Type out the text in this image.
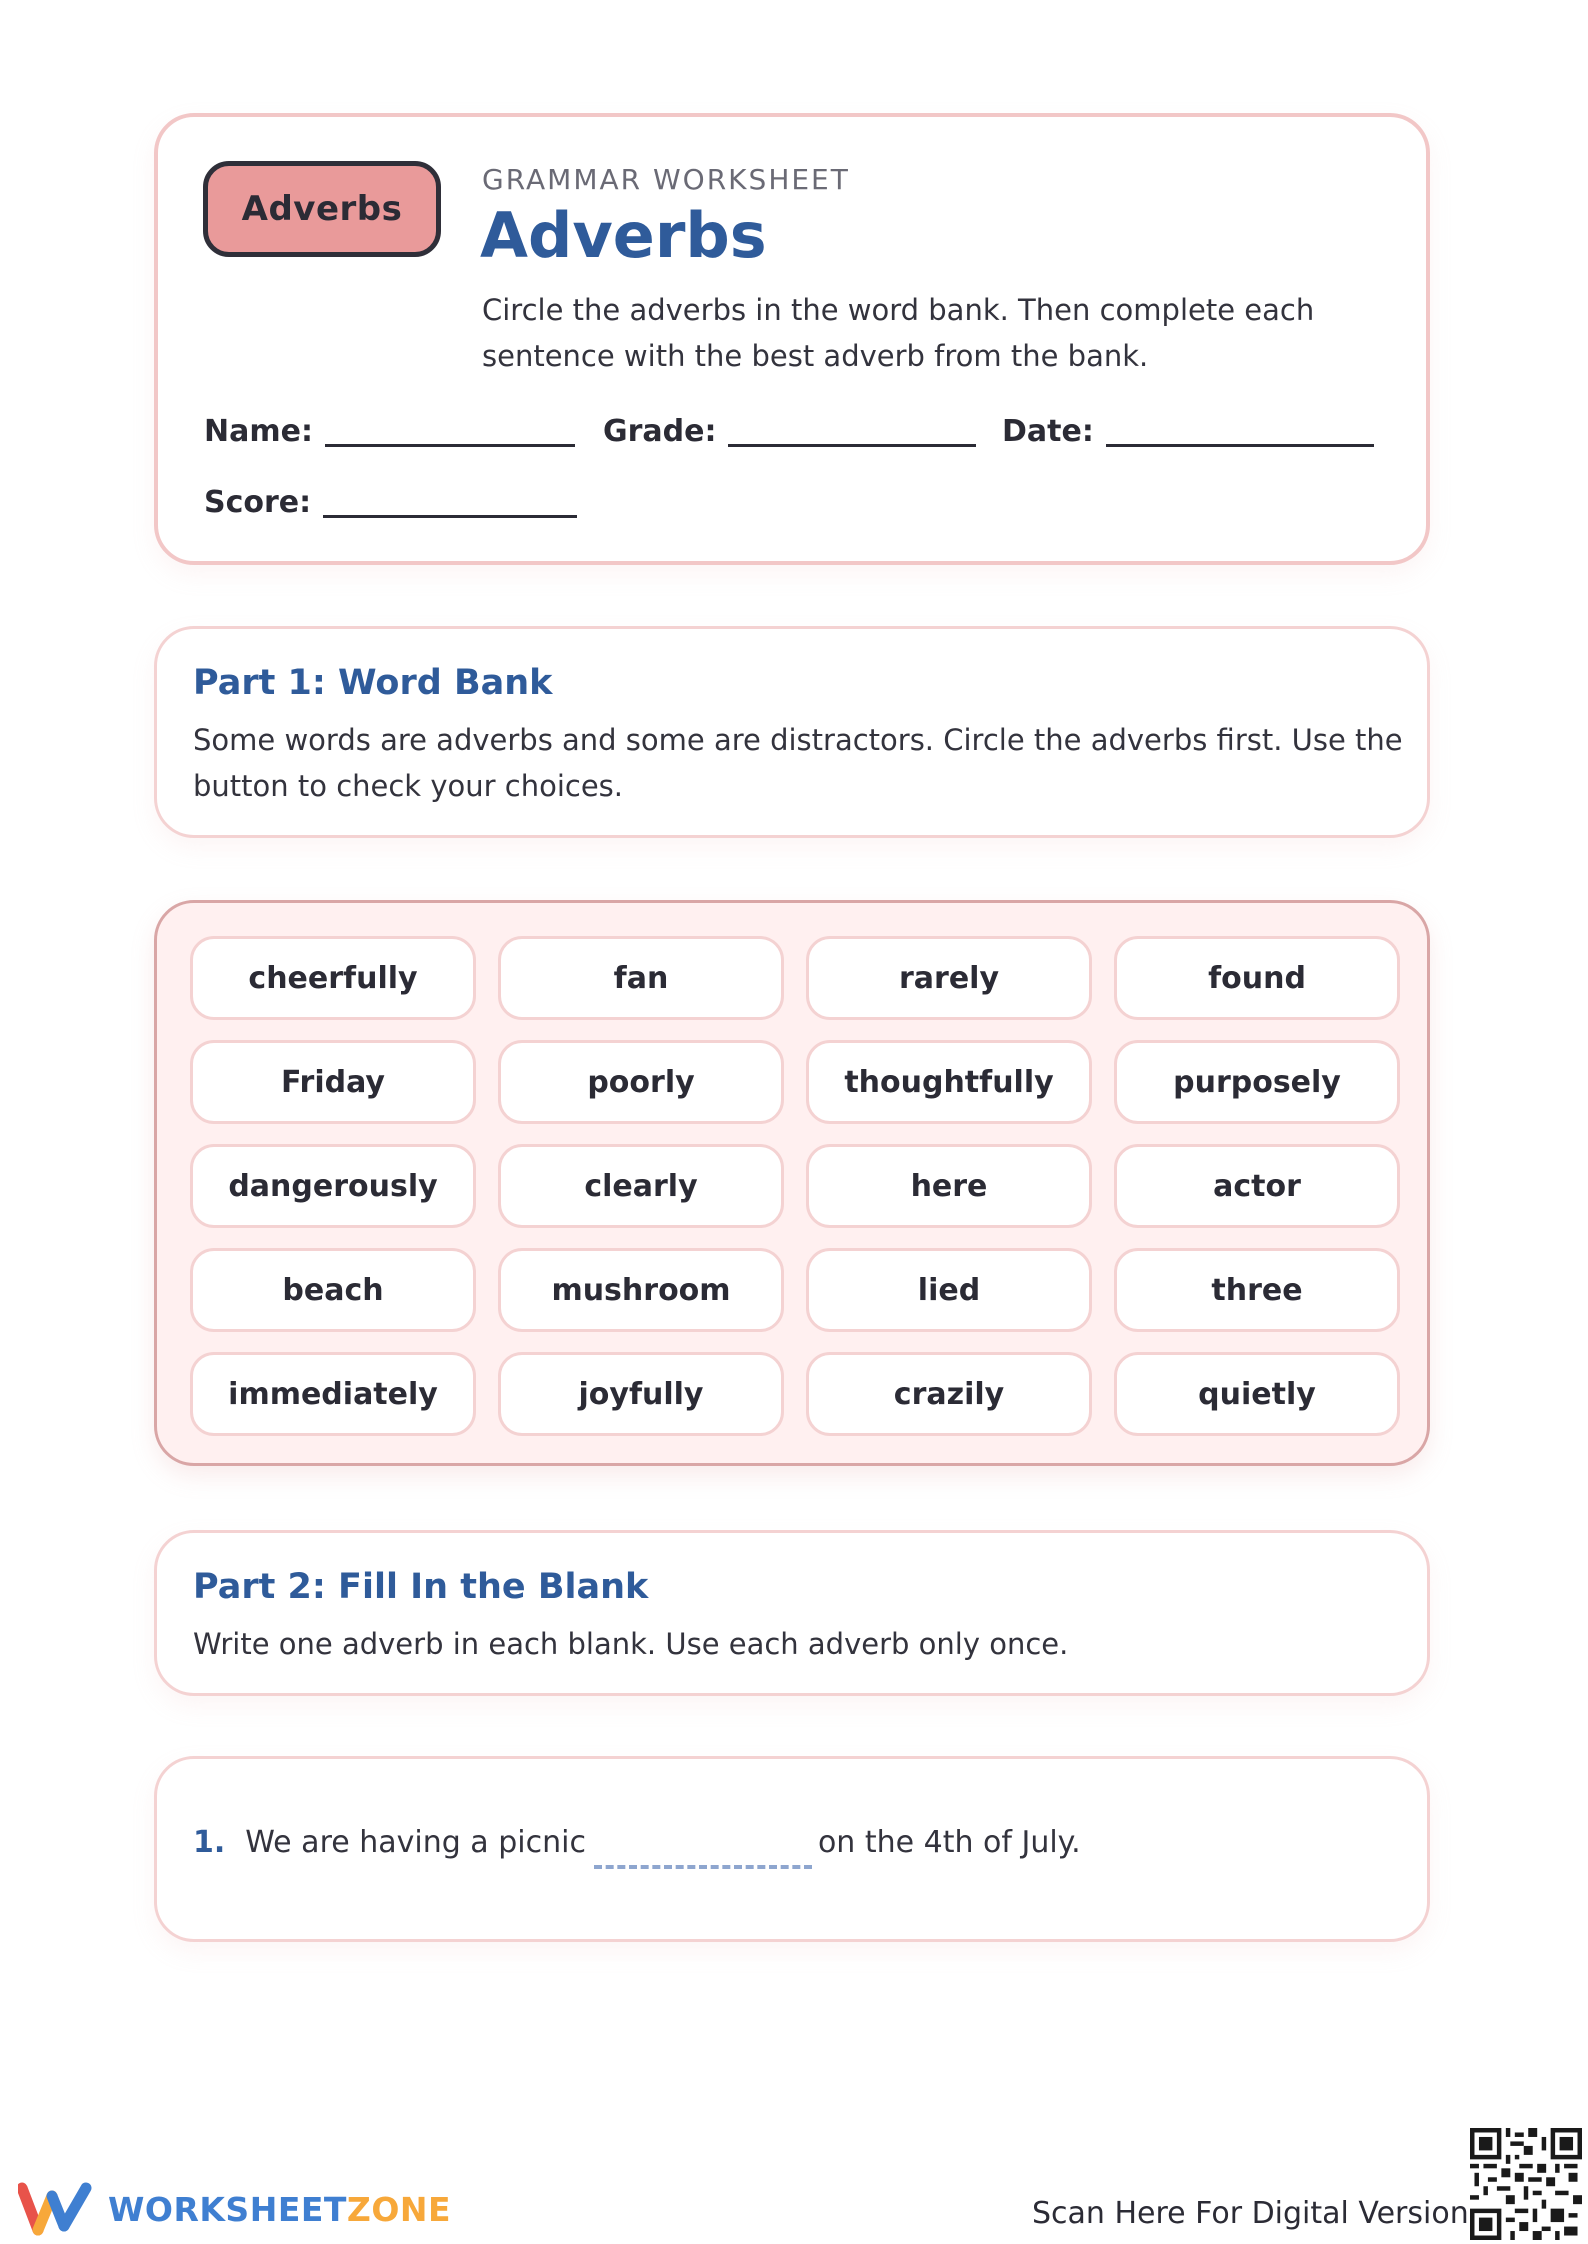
Adverbs
GRAMMAR WORKSHEET
Adverbs
Circle the adverbs in the word bank. Then complete each sentence with the best adverb from the bank.
Name:	Grade:	Date:
Score:
Part 1: Word Bank
Some words are adverbs and some are distractors. Circle the adverbs first. Use the button to check your choices.
cheerfully	fan	rarely	found
Friday	poorly	thoughtfully	purposely
dangerously	clearly	here	actor
beach	mushroom	lied	three
immediately	joyfully	crazily	quietly
Part 2: Fill In the Blank
Write one adverb in each blank. Use each adverb only once.
1. We are having a picnic	on the 4th of July.
WORKSHEETZONE	Scan Here For Digital Version
